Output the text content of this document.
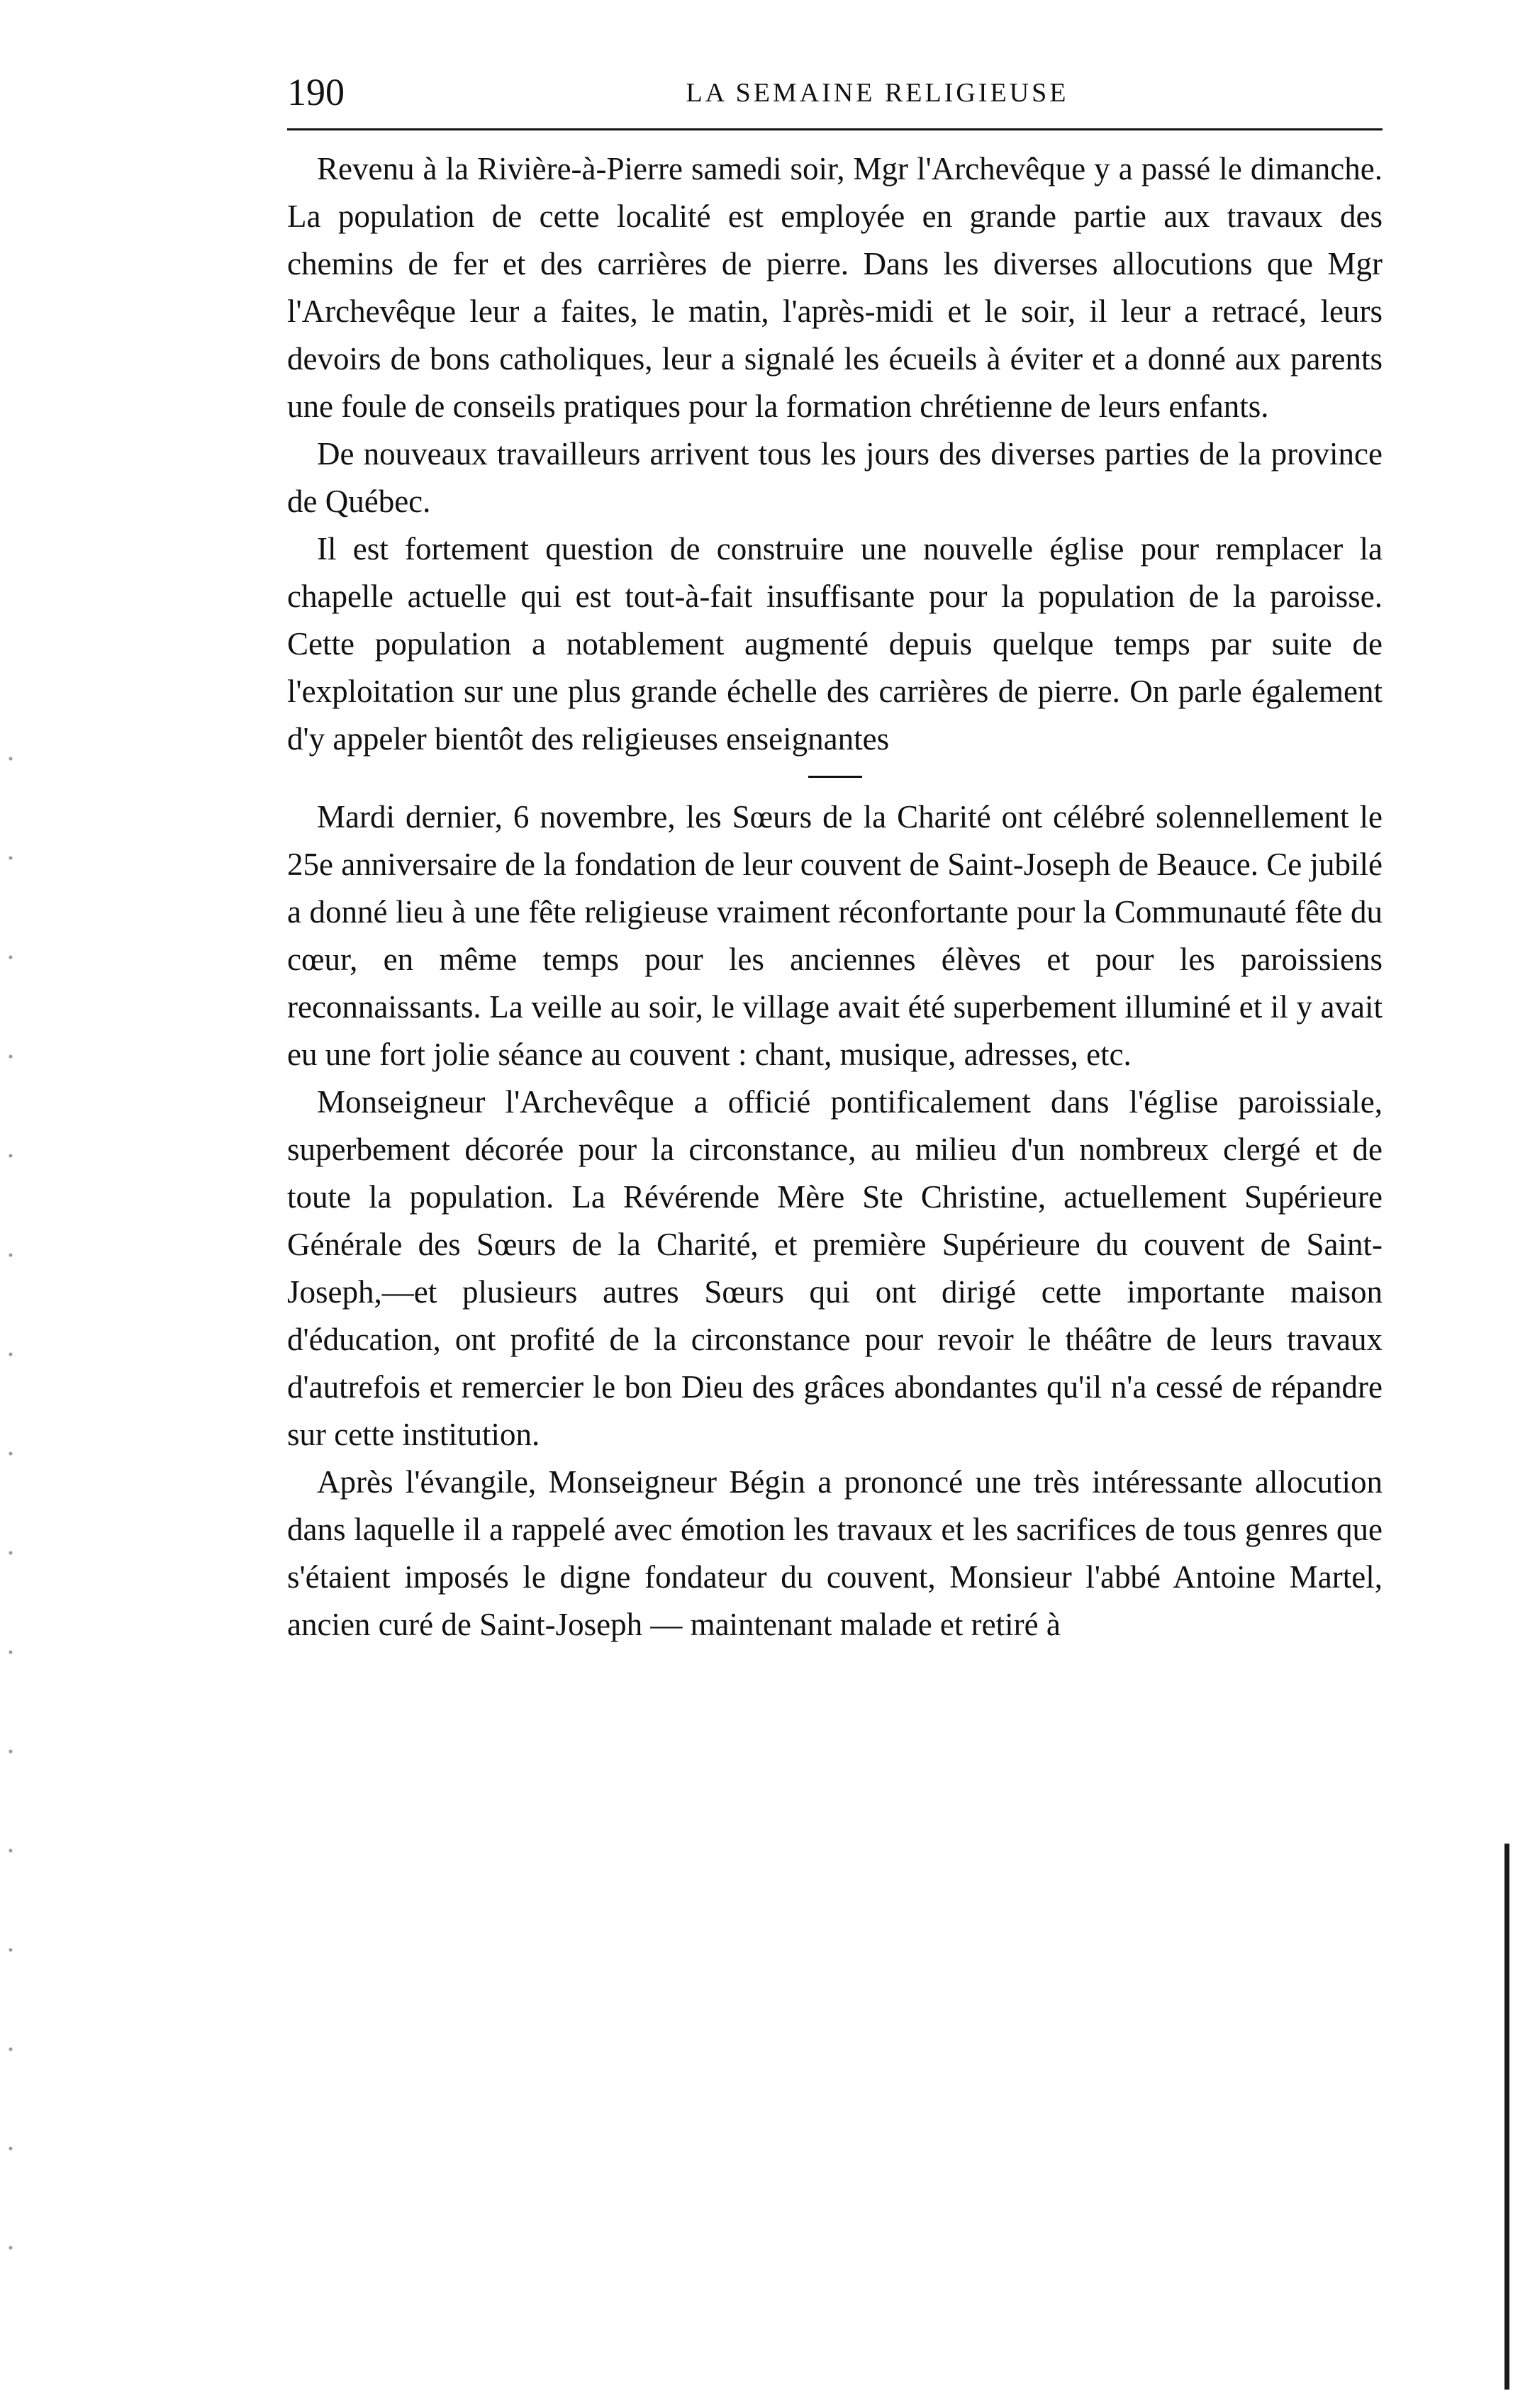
190	LA SEMAINE RELIGIEUSE

Revenu à la Rivière-à-Pierre samedi soir, Mgr l'Archevêque y a passé le dimanche. La population de cette localité est employée en grande partie aux travaux des chemins de fer et des carrières de pierre. Dans les diverses allocutions que Mgr l'Archevêque leur a faites, le matin, l'après-midi et le soir, il leur a retracé, leurs devoirs de bons catholiques, leur a signalé les écueils à éviter et a donné aux parents une foule de conseils pratiques pour la formation chrétienne de leurs enfants.

De nouveaux travailleurs arrivent tous les jours des diverses parties de la province de Québec.

Il est fortement question de construire une nouvelle église pour remplacer la chapelle actuelle qui est tout-à-fait insuffisante pour la population de la paroisse. Cette population a notablement augmenté depuis quelque temps par suite de l'exploitation sur une plus grande échelle des carrières de pierre. On parle également d'y appeler bientôt des religieuses enseignantes

Mardi dernier, 6 novembre, les Sœurs de la Charité ont célébré solennellement le 25e anniversaire de la fondation de leur couvent de Saint-Joseph de Beauce. Ce jubilé a donné lieu à une fête religieuse vraiment réconfortante pour la Communauté fête du cœur, en même temps pour les anciennes élèves et pour les paroissiens reconnaissants. La veille au soir, le village avait été superbement illuminé et il y avait eu une fort jolie séance au couvent : chant, musique, adresses, etc.

Monseigneur l'Archevêque a officié pontificalement dans l'église paroissiale, superbement décorée pour la circonstance, au milieu d'un nombreux clergé et de toute la population. La Révérende Mère Ste Christine, actuellement Supérieure Générale des Sœurs de la Charité, et première Supérieure du couvent de Saint-Joseph,—et plusieurs autres Sœurs qui ont dirigé cette importante maison d'éducation, ont profité de la circonstance pour revoir le théâtre de leurs travaux d'autrefois et remercier le bon Dieu des grâces abondantes qu'il n'a cessé de répandre sur cette institution.

Après l'évangile, Monseigneur Bégin a prononcé une très intéressante allocution dans laquelle il a rappelé avec émotion les travaux et les sacrifices de tous genres que s'étaient imposés le digne fondateur du couvent, Monsieur l'abbé Antoine Martel, ancien curé de Saint-Joseph — maintenant malade et retiré à
